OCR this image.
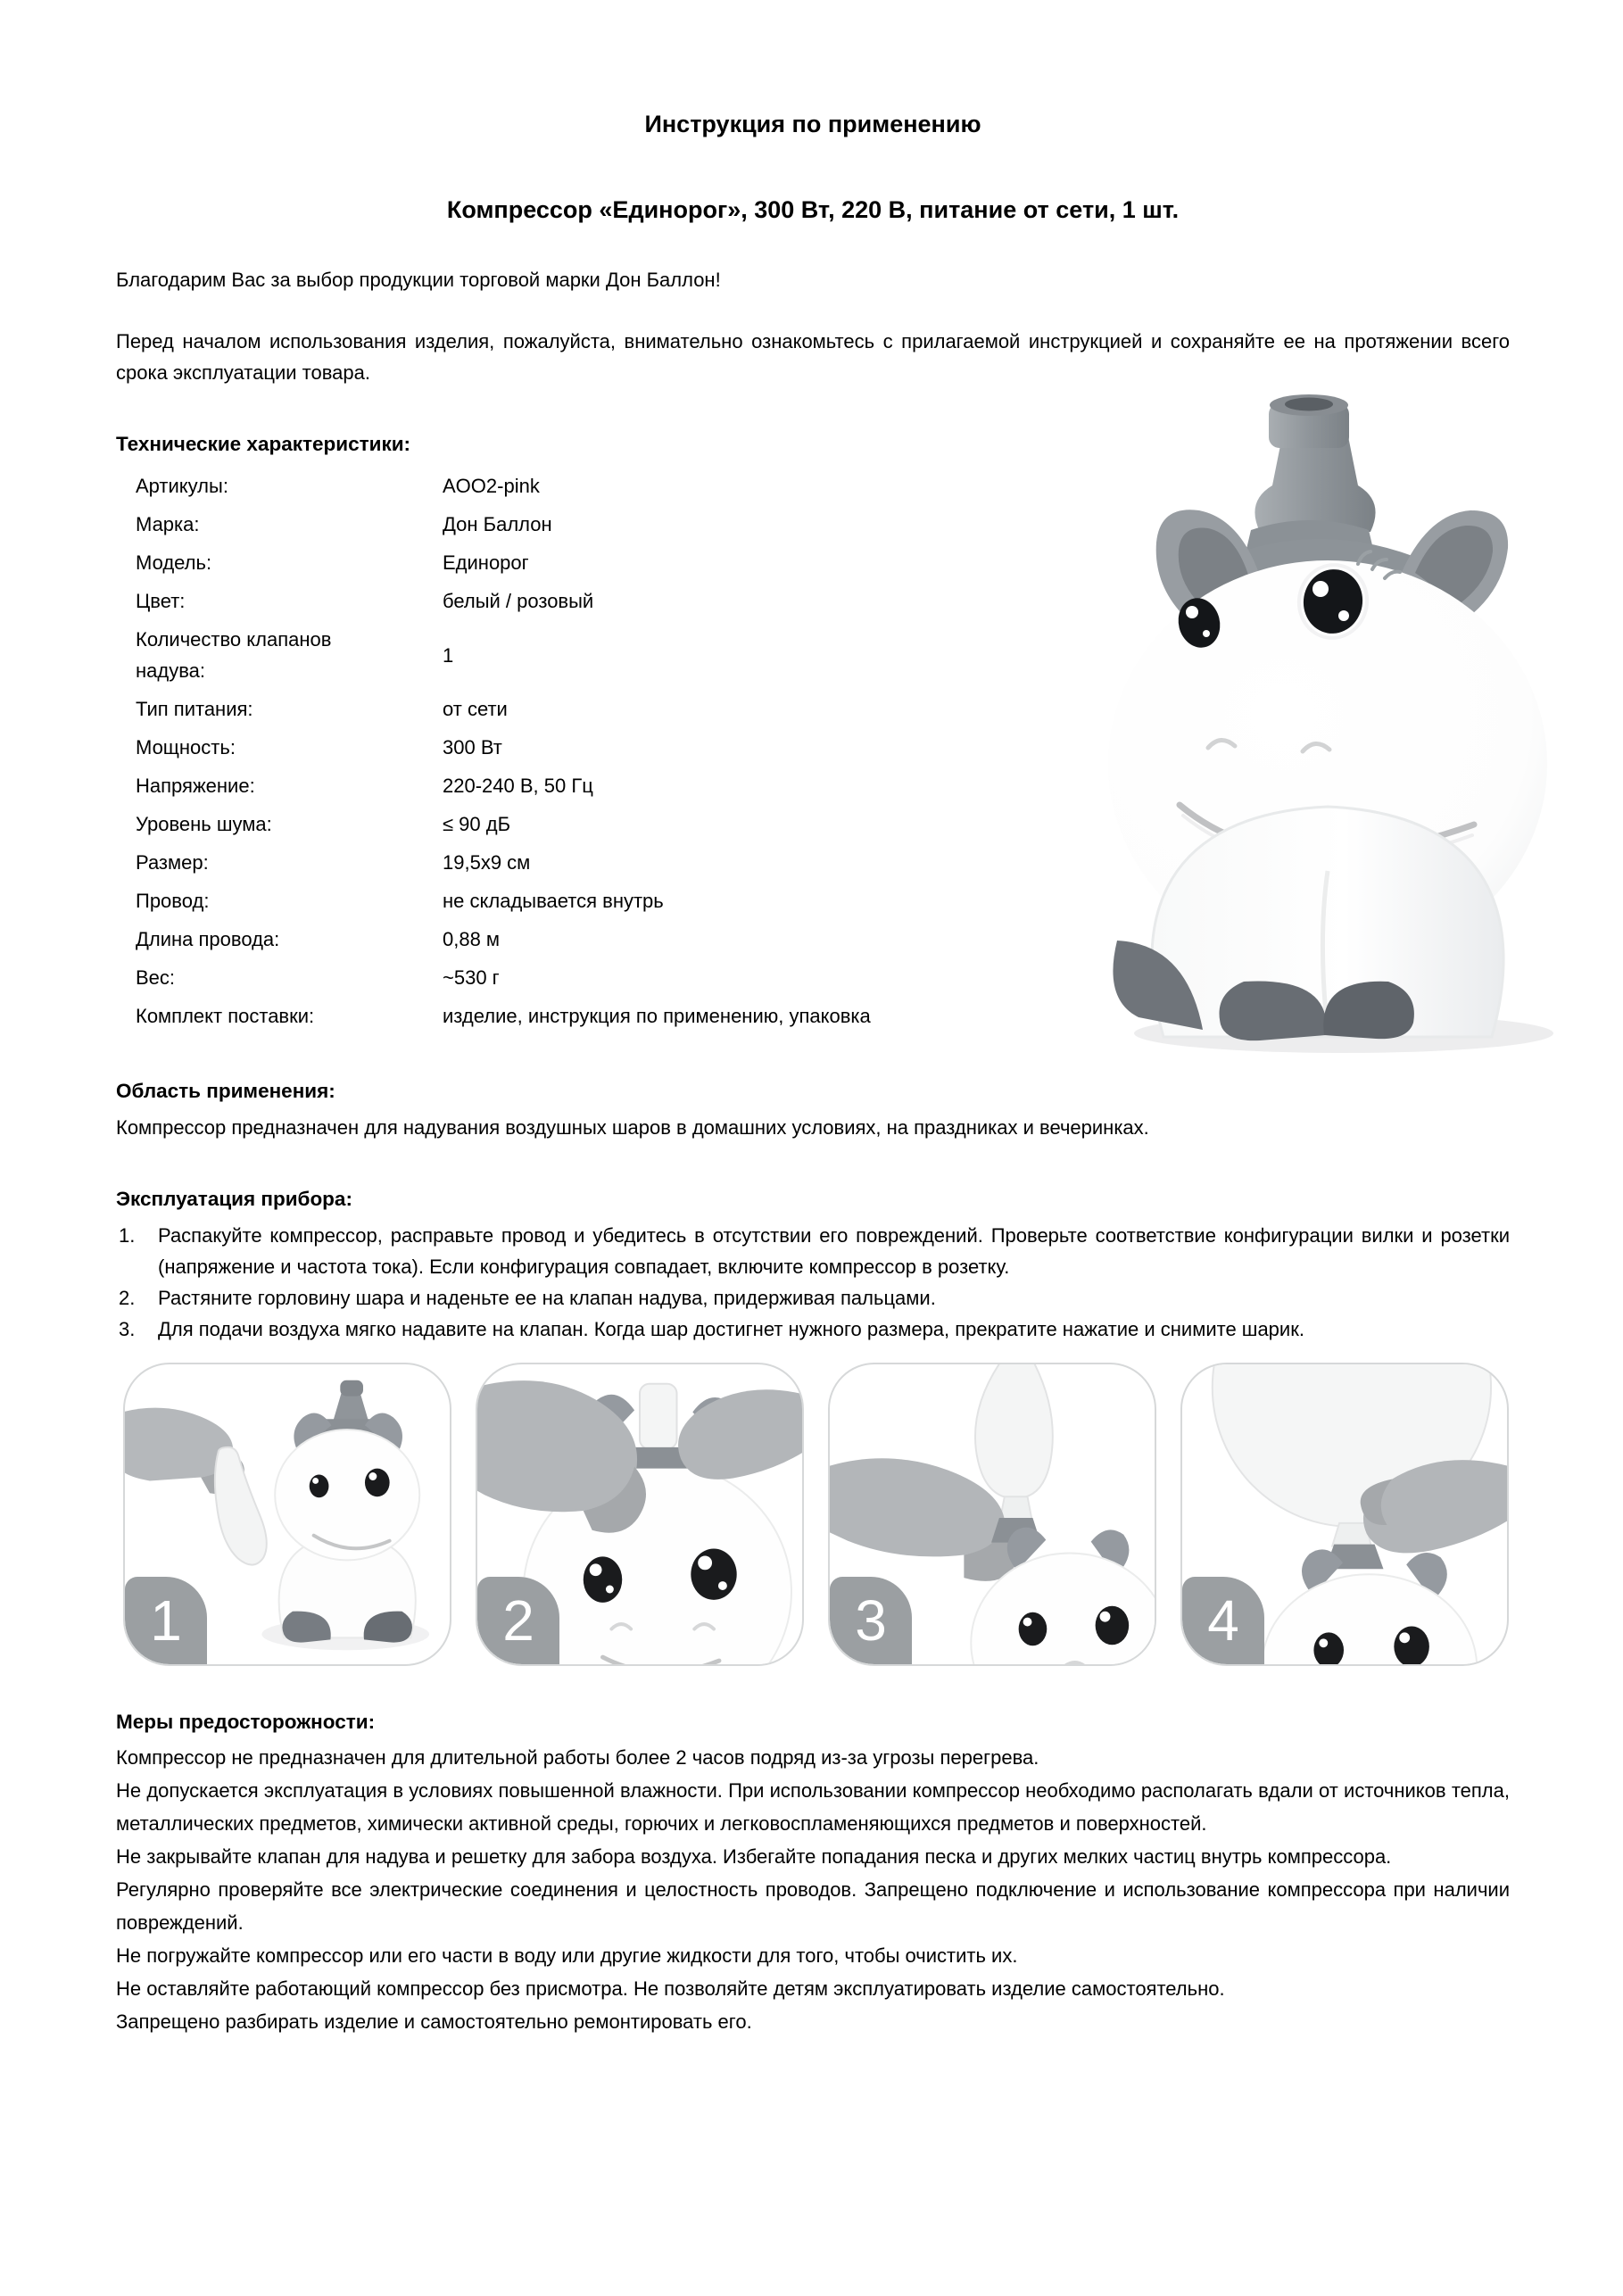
Инструкция по применению
Компрессор «Единорог», 300 Вт, 220 В, питание от сети, 1 шт.

Благодарим Вас за выбор продукции торговой марки Дон Баллон!

Перед началом использования изделия, пожалуйста, внимательно ознакомьтесь с прилагаемой инструкцией и сохраняйте ее на протяжении всего срока эксплуатации товара.

Технические характеристики:
Артикулы:	AOO2-pink
Марка:	Дон Баллон
Модель:	Единорог
Цвет:	белый / розовый
Количество клапанов надува:
1
Тип питания:	от сети
Мощность:	300 Вт
Напряжение:	220-240 В, 50 Гц
Уровень шума:	≤ 90 дБ
Размер:	19,5x9 см
Провод:	не складывается внутрь
Длина провода:	0,88 м
Вес:	~530 г
Комплект поставки:	изделие, инструкция по применению, упаковка
Область применения:

Компрессор предназначен для надувания воздушных шаров в домашних условиях, на праздниках и вечеринках.

Эксплуатация прибора:
1. Распакуйте компрессор, расправьте провод и убедитесь в отсутствии его повреждений. Проверьте соответствие конфигурации вилки и розетки (напряжение и частота тока). Если конфигурация совпадает, включите компрессор в розетку.
2. Растяните горловину шара и наденьте ее на клапан надува, придерживая пальцами.
3. Для подачи воздуха мягко надавите на клапан. Когда шар достигнет нужного размера, прекратите нажатие и снимите шарик.
1	2	3	4
Меры предосторожности:

Компрессор не предназначен для длительной работы более 2 часов подряд из-за угрозы перегрева.

Не допускается эксплуатация в условиях повышенной влажности. При использовании компрессор необходимо располагать вдали от источников тепла, металлических предметов, химически активной среды, горючих и легковоспламеняющихся предметов и поверхностей.

Не закрывайте клапан для надува и решетку для забора воздуха. Избегайте попадания песка и других мелких частиц внутрь компрессора.

Регулярно проверяйте все электрические соединения и целостность проводов. Запрещено подключение и использование компрессора при наличии повреждений.

Не погружайте компрессор или его части в воду или другие жидкости для того, чтобы очистить их.

Не оставляйте работающий компрессор без присмотра. Не позволяйте детям эксплуатировать изделие самостоятельно.

Запрещено разбирать изделие и самостоятельно ремонтировать его.
